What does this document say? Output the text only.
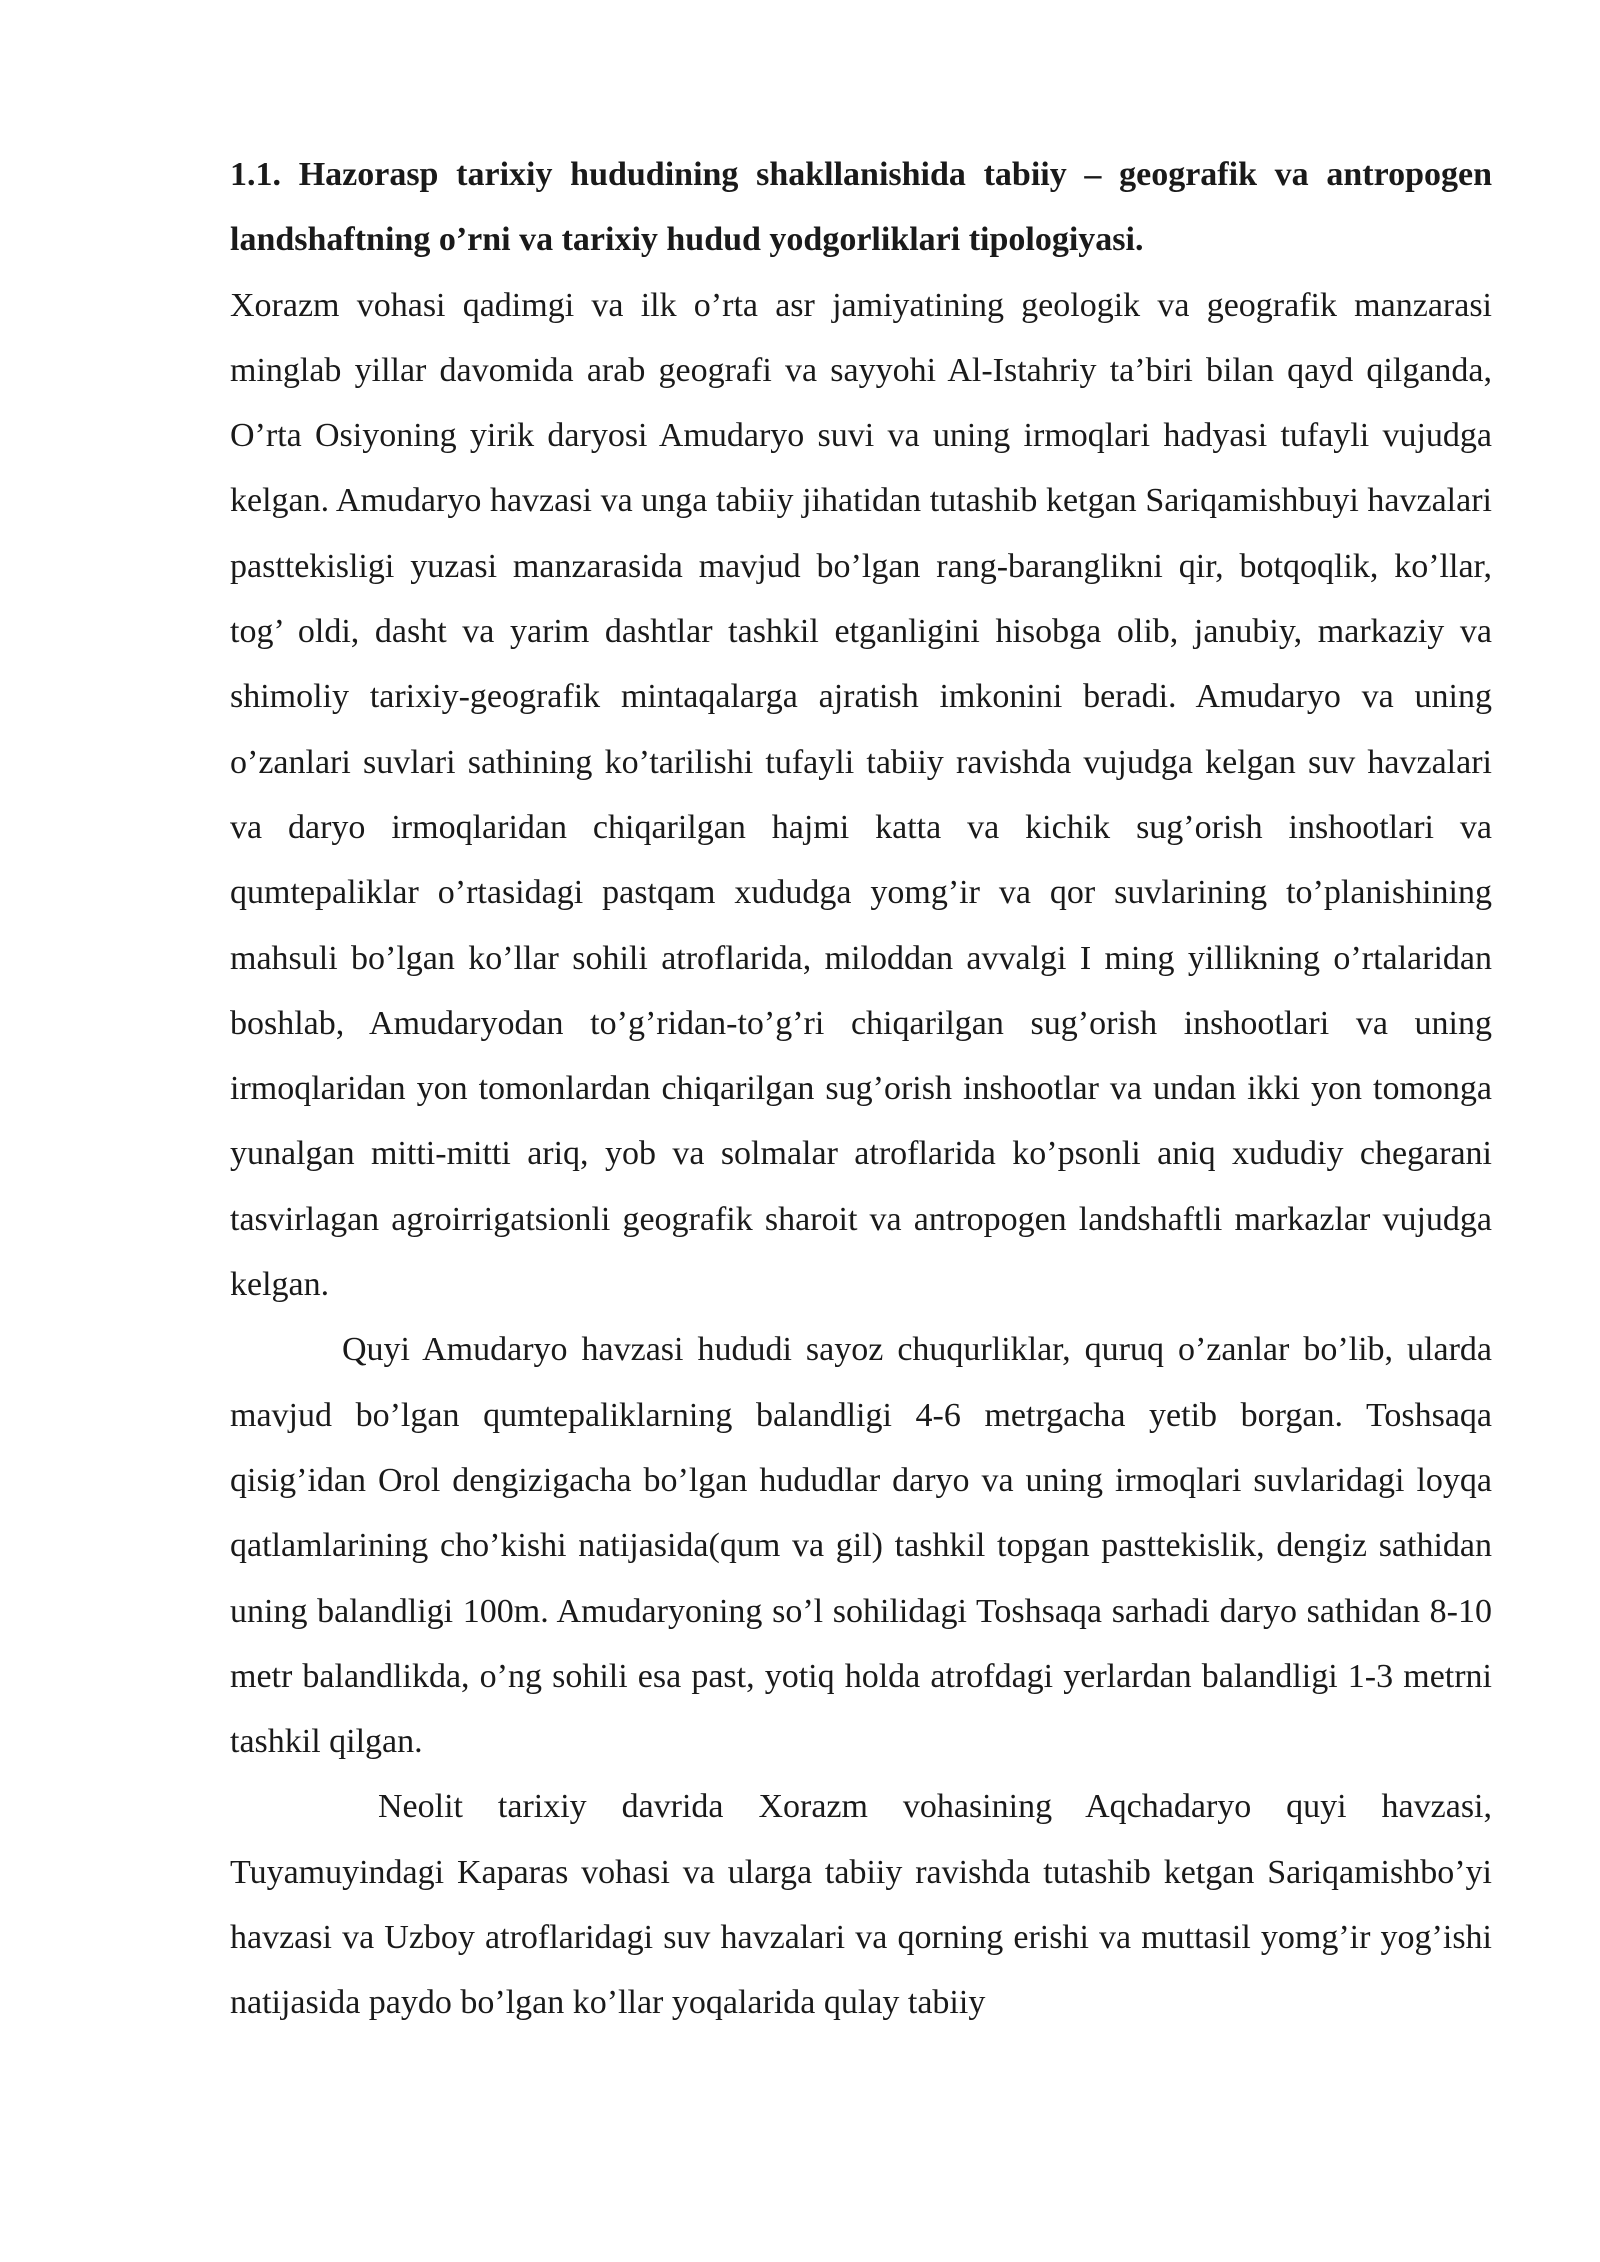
1.1. Hazorasp tarixiy hududining shakllanishida tabiiy – geografik va antropogen landshaftning o’rni va tarixiy hudud yodgorliklari tipologiyasi.

Xorazm vohasi qadimgi va ilk o’rta asr jamiyatining geologik va geografik manzarasi minglab yillar davomida arab geografi va sayyohi Al-Istahriy ta’biri bilan qayd qilganda, O’rta Osiyoning yirik daryosi Amudaryo suvi va uning irmoqlari hadyasi tufayli vujudga kelgan. Amudaryo havzasi va unga tabiiy jihatidan tutashib ketgan Sariqamishbuyi havzalari pasttekisligi yuzasi manzarasida mavjud bo’lgan rang-baranglikni qir, botqoqlik, ko’llar, tog’ oldi, dasht va yarim dashtlar tashkil etganligini hisobga olib, janubiy, markaziy va shimoliy tarixiy-geografik mintaqalarga ajratish imkonini beradi. Amudaryo va uning o’zanlari suvlari sathining ko’tarilishi tufayli tabiiy ravishda vujudga kelgan suv havzalari va daryo irmoqlaridan chiqarilgan hajmi katta va kichik sug’orish inshootlari va qumtepaliklar o’rtasidagi pastqam xududga yomg’ir va qor suvlarining to’planishining mahsuli bo’lgan ko’llar sohili atroflarida, miloddan avvalgi I ming yillikning o’rtalaridan boshlab, Amudaryodan to’g’ridan-to’g’ri chiqarilgan sug’orish inshootlari va uning irmoqlaridan yon tomonlardan chiqarilgan sug’orish inshootlar va undan ikki yon tomonga yunalgan mitti-mitti ariq, yob va solmalar atroflarida ko’psonli aniq xududiy chegarani tasvirlagan agroirrigatsionli geografik sharoit va antropogen landshaftli markazlar vujudga kelgan.

Quyi Amudaryo havzasi hududi sayoz chuqurliklar, quruq o’zanlar bo’lib, ularda mavjud bo’lgan qumtepaliklarning balandligi 4-6 metrgacha yetib borgan. Toshsaqa qisig’idan Orol dengizigacha bo’lgan hududlar daryo va uning irmoqlari suvlaridagi loyqa qatlamlarining cho’kishi natijasida(qum va gil) tashkil topgan pasttekislik, dengiz sathidan uning balandligi 100m. Amudaryoning so’l sohilidagi Toshsaqa sarhadi daryo sathidan 8-10 metr balandlikda, o’ng sohili esa past, yotiq holda atrofdagi yerlardan balandligi 1-3 metrni tashkil qilgan.

Neolit tarixiy davrida Xorazm vohasining Aqchadaryo quyi havzasi, Tuyamuyindagi Kaparas vohasi va ularga tabiiy ravishda tutashib ketgan Sariqamishbo’yi havzasi va Uzboy atroflaridagi suv havzalari va qorning erishi va muttasil yomg’ir yog’ishi natijasida paydo bo’lgan ko’llar yoqalarida qulay tabiiy
